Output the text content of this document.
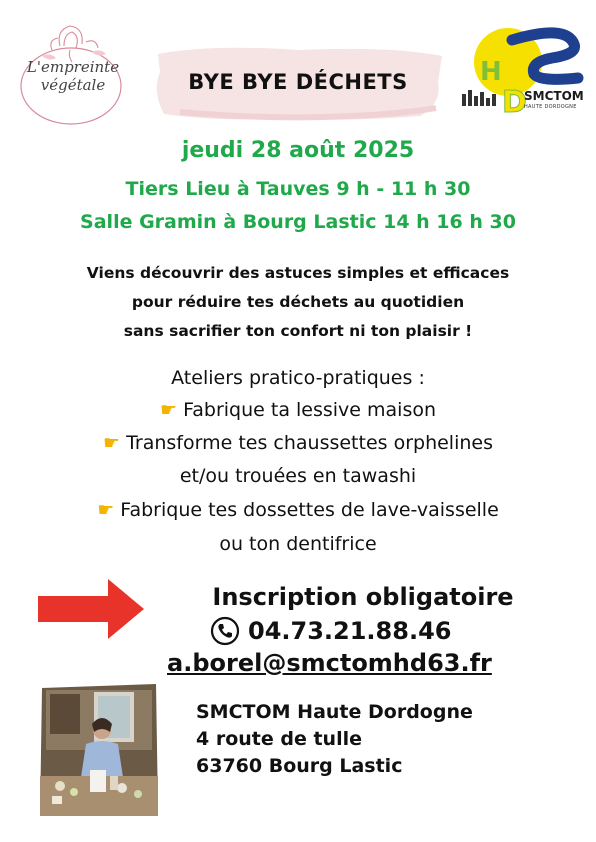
BYE BYE DÉCHETS
L'empreinte
végétale	H
D
SMCTOM
HAUTE DORDOGNE
jeudi 28 août 2025
Tiers Lieu à Tauves 9 h - 11 h 30
Salle Gramin à Bourg Lastic 14 h 16 h 30
Viens découvrir des astuces simples et efficaces
pour réduire tes déchets au quotidien
sans sacrifier ton confort ni ton plaisir !
Ateliers pratico-pratiques :
☛ Fabrique ta lessive maison
☛ Transforme tes chaussettes orphelines
et/ou trouées en tawashi
☛ Fabrique tes dossettes de lave-vaisselle
ou ton dentifrice
Inscription obligatoire
04.73.21.88.46
a.borel@smctomhd63.fr
SMCTOM Haute Dordogne
4 route de tulle
63760 Bourg Lastic
